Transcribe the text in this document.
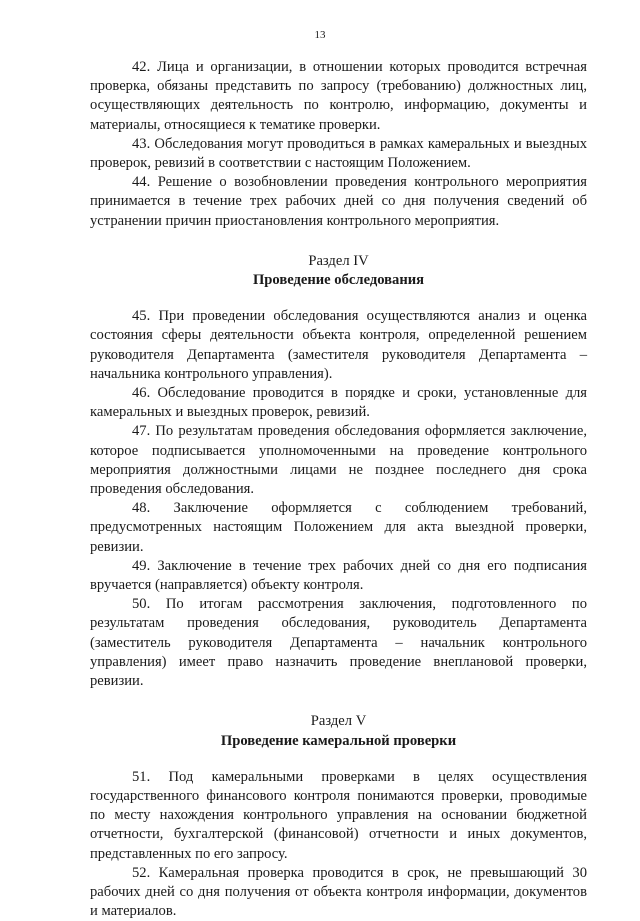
13

42. Лица и организации, в отношении которых проводится встречная проверка, обязаны представить по запросу (требованию) должностных лиц, осуществляющих деятельность по контролю, информацию, документы и материалы, относящиеся к тематике проверки.

43. Обследования могут проводиться в рамках камеральных и выездных проверок, ревизий в соответствии с настоящим Положением.

44. Решение о возобновлении проведения контрольного мероприятия принимается в течение трех рабочих дней со дня получения сведений об устранении причин приостановления контрольного мероприятия.

Раздел IV

Проведение обследования

45. При проведении обследования осуществляются анализ и оценка состояния сферы деятельности объекта контроля, определенной решением руководителя Департамента (заместителя руководителя Департамента – начальника контрольного управления).

46. Обследование проводится в порядке и сроки, установленные для камеральных и выездных проверок, ревизий.

47. По результатам проведения обследования оформляется заключение, которое подписывается уполномоченными на проведение контрольного мероприятия должностными лицами не позднее последнего дня срока проведения обследования.

48. Заключение оформляется с соблюдением требований, предусмотренных настоящим Положением для акта выездной проверки, ревизии.

49. Заключение в течение трех рабочих дней со дня его подписания вручается (направляется) объекту контроля.

50. По итогам рассмотрения заключения, подготовленного по результатам проведения обследования, руководитель Департамента (заместитель руководителя Департамента – начальник контрольного управления) имеет право назначить проведение внеплановой проверки, ревизии.

Раздел V

Проведение камеральной проверки

51. Под камеральными проверками в целях осуществления государственного финансового контроля понимаются проверки, проводимые по месту нахождения контрольного управления на основании бюджетной отчетности, бухгалтерской (финансовой) отчетности и иных документов, представленных по его запросу.

52. Камеральная проверка проводится в срок, не превышающий 30 рабочих дней со дня получения от объекта контроля информации, документов и материалов.
